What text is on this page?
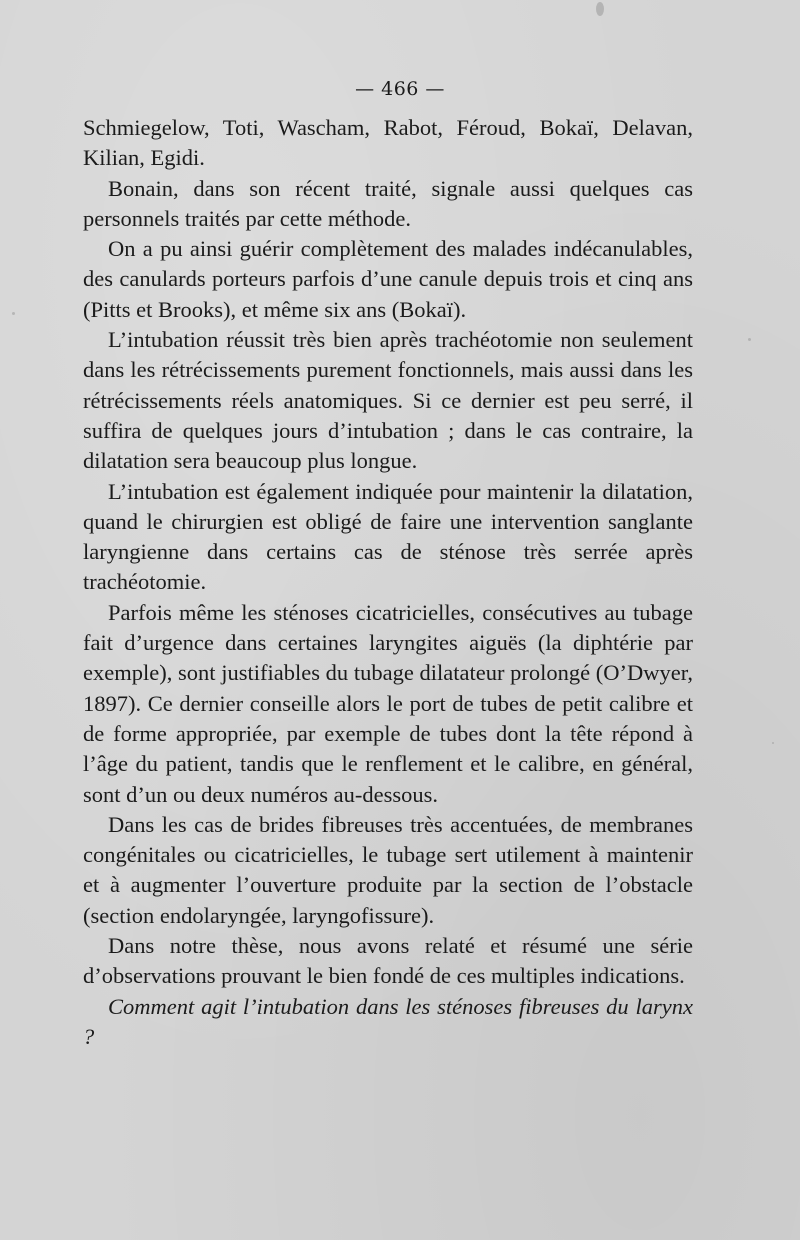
— 466 —

Schmiegelow, Toti, Wascham, Rabot, Féroud, Bokaï, Delavan, Kilian, Egidi.

Bonain, dans son récent traité, signale aussi quelques cas personnels traités par cette méthode.

On a pu ainsi guérir complètement des malades indécanulables, des canulards porteurs parfois d’une canule depuis trois et cinq ans (Pitts et Brooks), et même six ans (Bokaï).

L’intubation réussit très bien après trachéotomie non seulement dans les rétrécissements purement fonctionnels, mais aussi dans les rétrécissements réels anatomiques. Si ce dernier est peu serré, il suffira de quelques jours d’intubation ; dans le cas contraire, la dilatation sera beaucoup plus longue.

L’intubation est également indiquée pour maintenir la dilatation, quand le chirurgien est obligé de faire une intervention sanglante laryngienne dans certains cas de sténose très serrée après trachéotomie.

Parfois même les sténoses cicatricielles, consécutives au tubage fait d’urgence dans certaines laryngites aiguës (la diphtérie par exemple), sont justifiables du tubage dilatateur prolongé (O’Dwyer, 1897). Ce dernier conseille alors le port de tubes de petit calibre et de forme appropriée, par exemple de tubes dont la tête répond à l’âge du patient, tandis que le renflement et le calibre, en général, sont d’un ou deux numéros au-dessous.

Dans les cas de brides fibreuses très accentuées, de membranes congénitales ou cicatricielles, le tubage sert utilement à maintenir et à augmenter l’ouverture produite par la section de l’obstacle (section endolaryngée, laryngofissure).

Dans notre thèse, nous avons relaté et résumé une série d’observations prouvant le bien fondé de ces multiples indications.

Comment agit l’intubation dans les sténoses fibreuses du larynx ?
